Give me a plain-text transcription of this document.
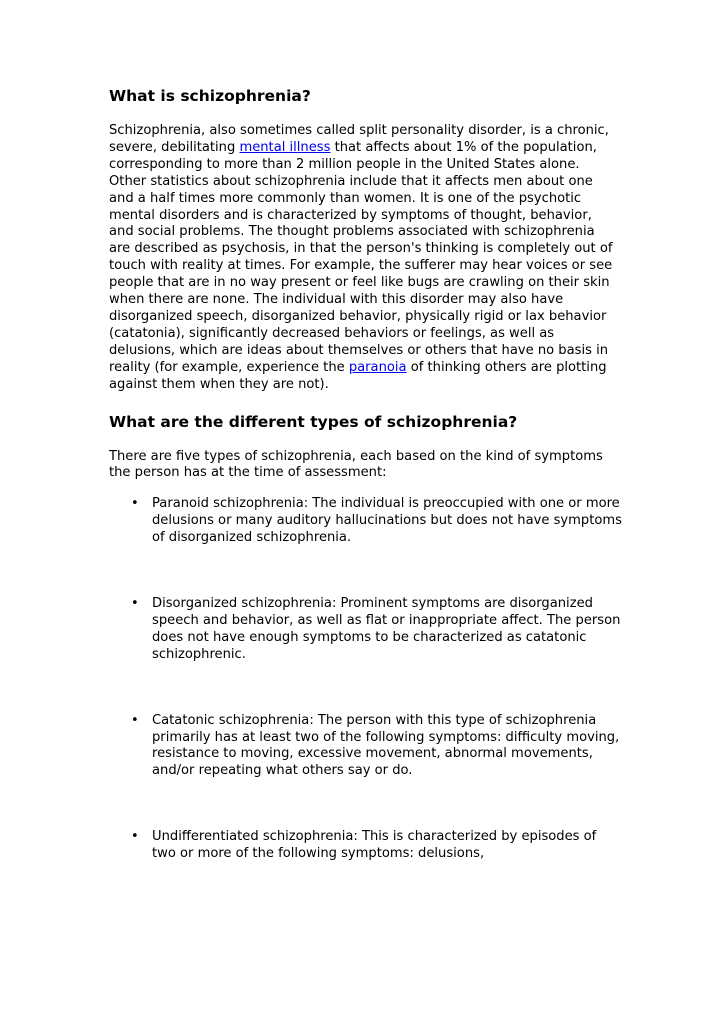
What is schizophrenia?

Schizophrenia, also sometimes called split personality disorder, is a chronic, severe, debilitating mental illness that affects about 1% of the population, corresponding to more than 2 million people in the United States alone. Other statistics about schizophrenia include that it affects men about one and a half times more commonly than women. It is one of the psychotic mental disorders and is characterized by symptoms of thought, behavior, and social problems. The thought problems associated with schizophrenia are described as psychosis, in that the person's thinking is completely out of touch with reality at times. For example, the sufferer may hear voices or see people that are in no way present or feel like bugs are crawling on their skin when there are none. The individual with this disorder may also have disorganized speech, disorganized behavior, physically rigid or lax behavior (catatonia), significantly decreased behaviors or feelings, as well as delusions, which are ideas about themselves or others that have no basis in reality (for example, experience the paranoia of thinking others are plotting against them when they are not).

What are the different types of schizophrenia?

There are five types of schizophrenia, each based on the kind of symptoms the person has at the time of assessment:

• Paranoid schizophrenia: The individual is preoccupied with one or more delusions or many auditory hallucinations but does not have symptoms of disorganized schizophrenia.
• Disorganized schizophrenia: Prominent symptoms are disorganized speech and behavior, as well as flat or inappropriate affect. The person does not have enough symptoms to be characterized as catatonic schizophrenic.
• Catatonic schizophrenia: The person with this type of schizophrenia primarily has at least two of the following symptoms: difficulty moving, resistance to moving, excessive movement, abnormal movements, and/or repeating what others say or do.
• Undifferentiated schizophrenia: This is characterized by episodes of two or more of the following symptoms: delusions,
